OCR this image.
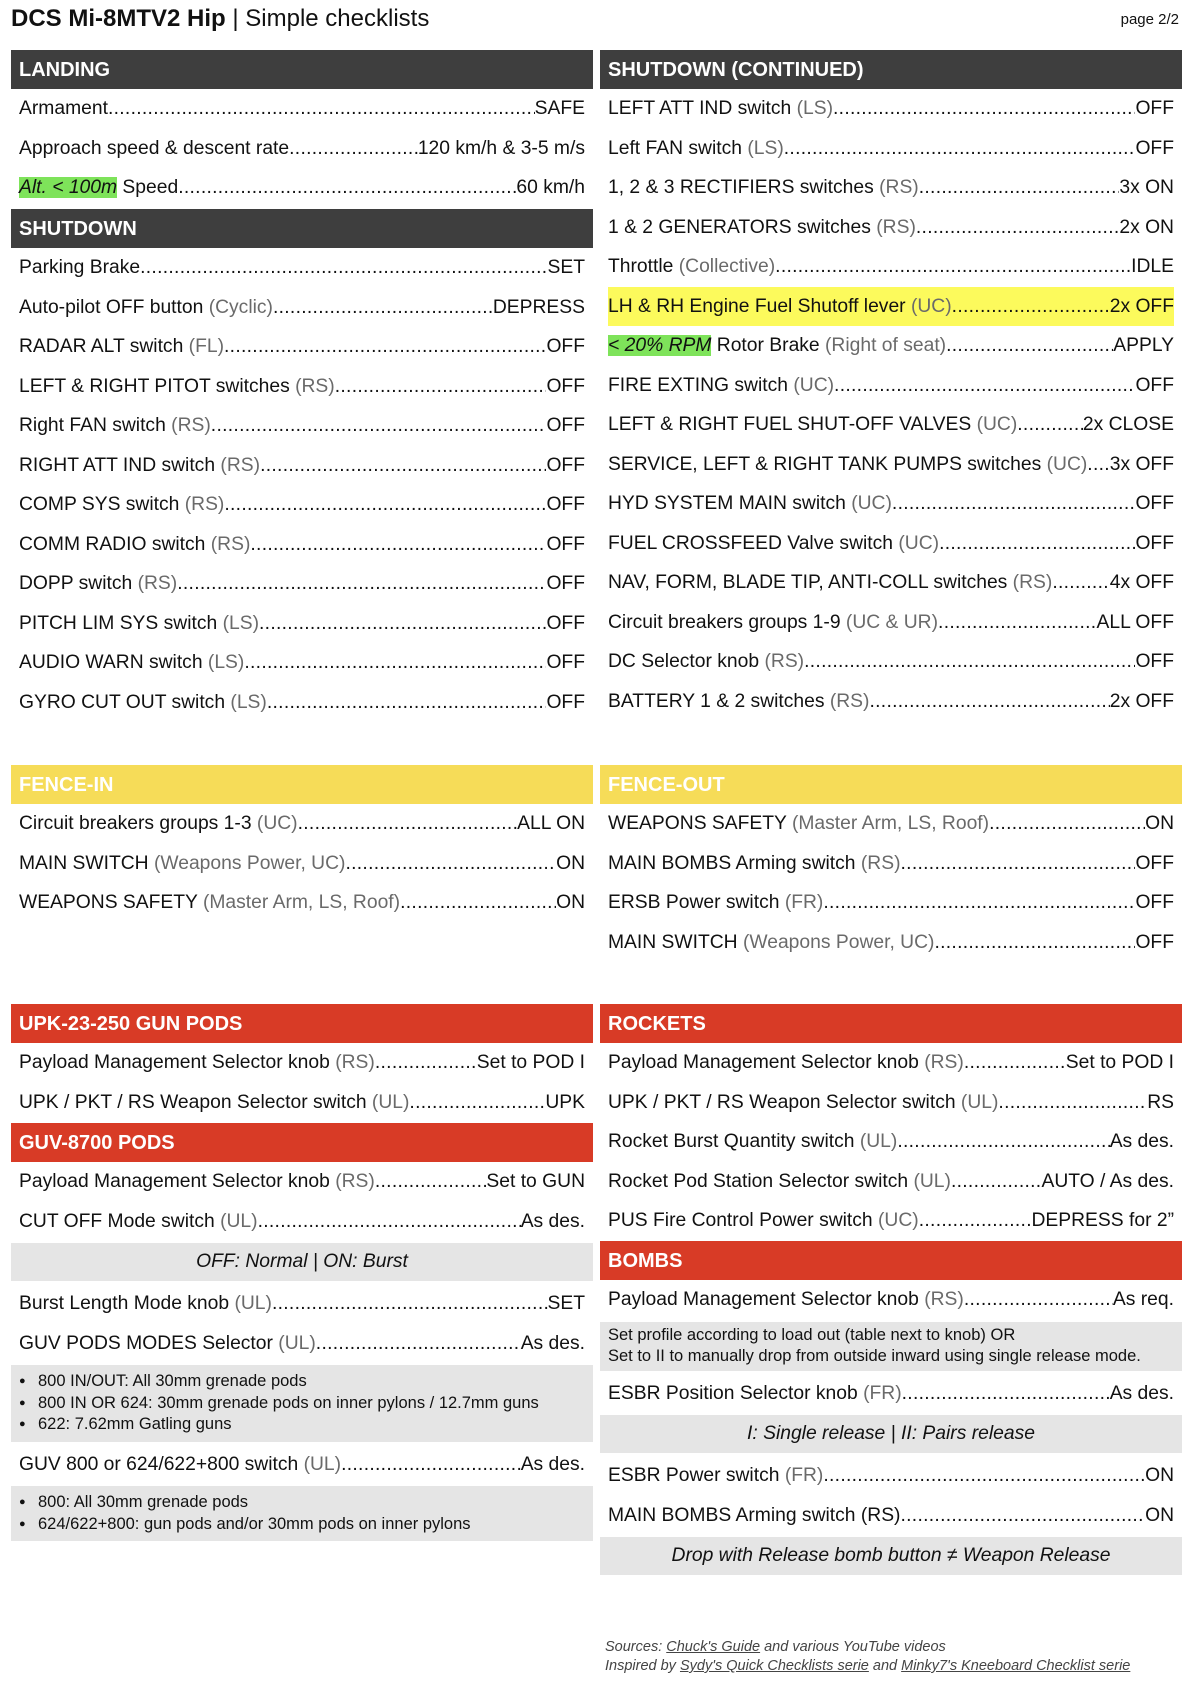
DCS Mi-8MTV2 Hip | Simple checklists	page 2/2
LANDING
Armament .....	SAFE
Approach speed & descent rate .....	120 km/h & 3-5 m/s
Alt. < 100m Speed .....	60 km/h
SHUTDOWN
Parking Brake .....	SET
Auto-pilot OFF button (Cyclic) .....	DEPRESS
RADAR ALT switch (FL) .....	OFF
LEFT & RIGHT PITOT switches (RS) .....	OFF
Right FAN switch (RS) .....	OFF
RIGHT ATT IND switch (RS) .....	OFF
COMP SYS switch (RS) .....	OFF
COMM RADIO switch (RS) .....	OFF
DOPP switch (RS) .....	OFF
PITCH LIM SYS switch (LS) .....	OFF
AUDIO WARN switch (LS) .....	OFF
GYRO CUT OUT switch (LS) .....	OFF
FENCE-IN
Circuit breakers groups 1-3 (UC) .....	ALL ON
MAIN SWITCH (Weapons Power, UC) .....	ON
WEAPONS SAFETY (Master Arm, LS, Roof) .....	ON
UPK-23-250 GUN PODS
Payload Management Selector knob (RS) .....	Set to POD I
UPK / PKT / RS Weapon Selector switch (UL) .....	UPK
GUV-8700 PODS
Payload Management Selector knob (RS) .....	Set to GUN
CUT OFF Mode switch (UL) .....	As des.
OFF: Normal | ON: Burst
Burst Length Mode knob (UL) .....	SET
GUV PODS MODES Selector (UL) .....	As des.
● 800 IN/OUT: All 30mm grenade pods
● 800 IN OR 624: 30mm grenade pods on inner pylons / 12.7mm guns
● 622: 7.62mm Gatling guns
GUV 800 or 624/622+800 switch (UL) .....	As des.
● 800: All 30mm grenade pods
● 624/622+800: gun pods and/or 30mm pods on inner pylons
SHUTDOWN (CONTINUED)
LEFT ATT IND switch (LS) .....	OFF
Left FAN switch (LS) .....	OFF
1, 2 & 3 RECTIFIERS switches (RS) .....	3x ON
1 & 2 GENERATORS switches (RS) .....	2x ON
Throttle (Collective) .....	IDLE
LH & RH Engine Fuel Shutoff lever (UC) .....	2x OFF
< 20% RPM Rotor Brake (Right of seat) .....	APPLY
FIRE EXTING switch (UC) .....	OFF
LEFT & RIGHT FUEL SHUT-OFF VALVES (UC) .....	2x CLOSE
SERVICE, LEFT & RIGHT TANK PUMPS switches (UC) ..... 3x OFF
HYD SYSTEM MAIN switch (UC) .....	OFF
FUEL CROSSFEED Valve switch (UC) .....	OFF
NAV, FORM, BLADE TIP, ANTI-COLL switches (RS) .....	4x OFF
Circuit breakers groups 1-9 (UC & UR) .....	ALL OFF
DC Selector knob (RS) .....	OFF
BATTERY 1 & 2 switches (RS) .....	2x OFF
FENCE-OUT
WEAPONS SAFETY (Master Arm, LS, Roof) .....	ON
MAIN BOMBS Arming switch (RS) .....	OFF
ERSB Power switch (FR) .....	OFF
MAIN SWITCH (Weapons Power, UC) .....	OFF
ROCKETS
Payload Management Selector knob (RS) .....	Set to POD I
UPK / PKT / RS Weapon Selector switch (UL) .....	RS
Rocket Burst Quantity switch (UL) .....	As des.
Rocket Pod Station Selector switch (UL) .....	AUTO / As des.
PUS Fire Control Power switch (UC) .....	DEPRESS for 2”
BOMBS
Payload Management Selector knob (RS) .....	As req.
Set profile according to load out (table next to knob) OR
Set to II to manually drop from outside inward using single release mode.
ESBR Position Selector knob (FR) .....	As des.
I: Single release | II: Pairs release
ESBR Power switch (FR) .....	ON
MAIN BOMBS Arming switch (RS) .....	ON
Drop with Release bomb button ≠ Weapon Release
Sources: Chuck's Guide and various YouTube videos
Inspired by Sydy's Quick Checklists serie and Minky7's Kneeboard Checklist serie
